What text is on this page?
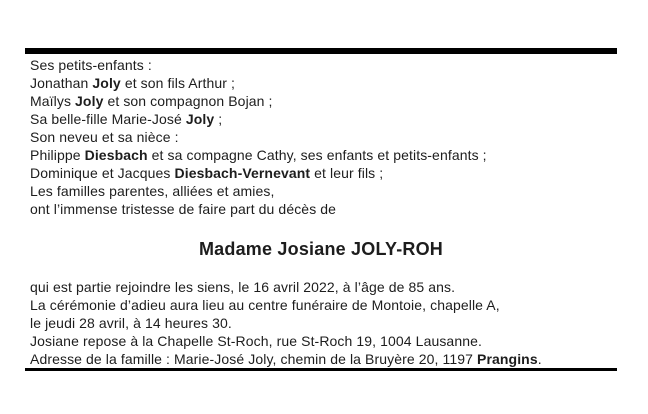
Ses petits-enfants :
Jonathan Joly et son fils Arthur ;
Maïlys Joly et son compagnon Bojan ;
Sa belle-fille Marie-José Joly ;
Son neveu et sa nièce :
Philippe Diesbach et sa compagne Cathy, ses enfants et petits-enfants ;
Dominique et Jacques Diesbach-Vernevant et leur fils ;
Les familles parentes, alliées et amies,
ont l’immense tristesse de faire part du décès de
Madame Josiane JOLY-ROH
qui est partie rejoindre les siens, le 16 avril 2022, à l’âge de 85 ans.
La cérémonie d’adieu aura lieu au centre funéraire de Montoie, chapelle A,
le jeudi 28 avril, à 14 heures 30.
Josiane repose à la Chapelle St-Roch, rue St-Roch 19, 1004 Lausanne.
Adresse de la famille : Marie-José Joly, chemin de la Bruyère 20, 1197 Prangins.
